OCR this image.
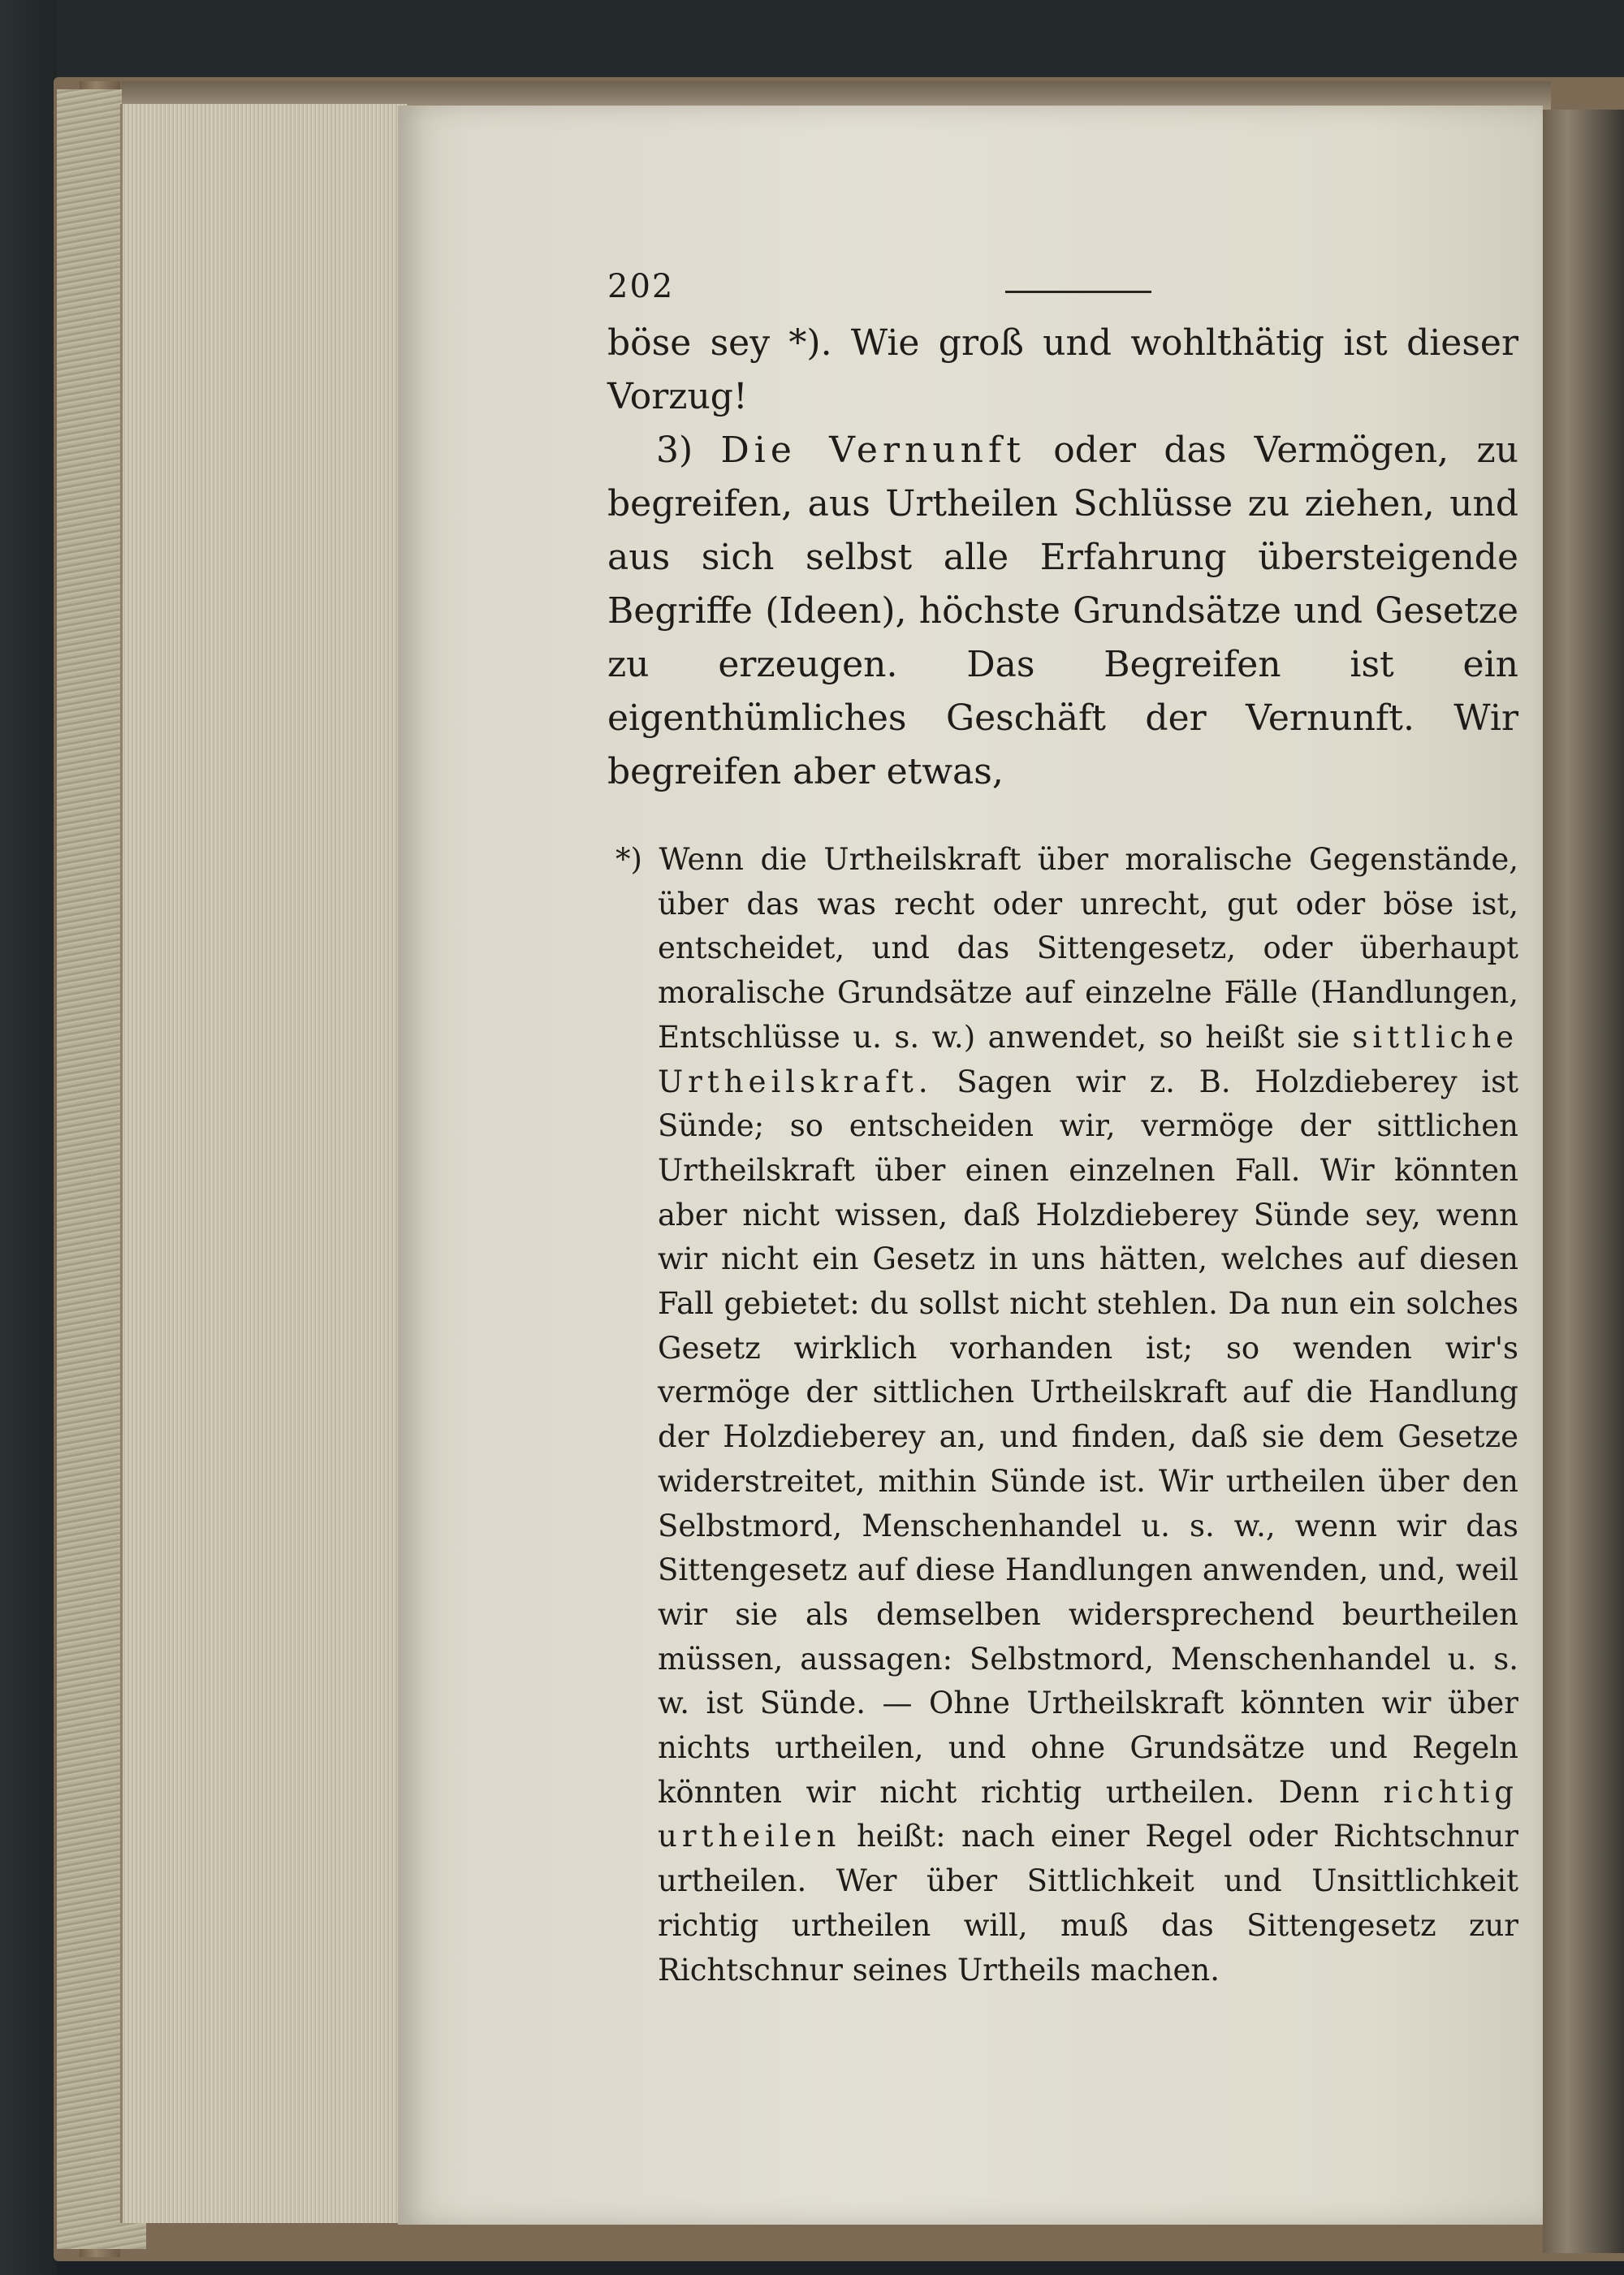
202

böse sey *). Wie groß und wohlthätig ist dieser Vorzug!

3) Die Vernunft oder das Vermögen, zu begreifen, aus Urtheilen Schlüsse zu ziehen, und aus sich selbst alle Erfahrung übersteigende Begriffe (Ideen), höchste Grundsätze und Gesetze zu erzeugen. Das Begreifen ist ein eigenthümliches Geschäft der Vernunft. Wir begreifen aber etwas,

*) Wenn die Urtheilskraft über moralische Gegenstände, über das was recht oder unrecht, gut oder böse ist, entscheidet, und das Sittengesetz, oder überhaupt moralische Grundsätze auf einzelne Fälle (Handlungen, Entschlüsse u. s. w.) anwendet, so heißt sie sittliche Urtheilskraft. Sagen wir z. B. Holzdieberey ist Sünde; so entscheiden wir, vermöge der sittlichen Urtheilskraft über einen einzelnen Fall. Wir könnten aber nicht wissen, daß Holzdieberey Sünde sey, wenn wir nicht ein Gesetz in uns hätten, welches auf diesen Fall gebietet: du sollst nicht stehlen. Da nun ein solches Gesetz wirklich vorhanden ist; so wenden wir's vermöge der sittlichen Urtheilskraft auf die Handlung der Holzdieberey an, und finden, daß sie dem Gesetze widerstreitet, mithin Sünde ist. Wir urtheilen über den Selbstmord, Menschenhandel u. s. w., wenn wir das Sittengesetz auf diese Handlungen anwenden, und, weil wir sie als demselben widersprechend beurtheilen müssen, aussagen: Selbstmord, Menschenhandel u. s. w. ist Sünde. — Ohne Urtheilskraft könnten wir über nichts urtheilen, und ohne Grundsätze und Regeln könnten wir nicht richtig urtheilen. Denn richtig urtheilen heißt: nach einer Regel oder Richtschnur urtheilen. Wer über Sittlichkeit und Unsittlichkeit richtig urtheilen will, muß das Sittengesetz zur Richtschnur seines Urtheils machen.
